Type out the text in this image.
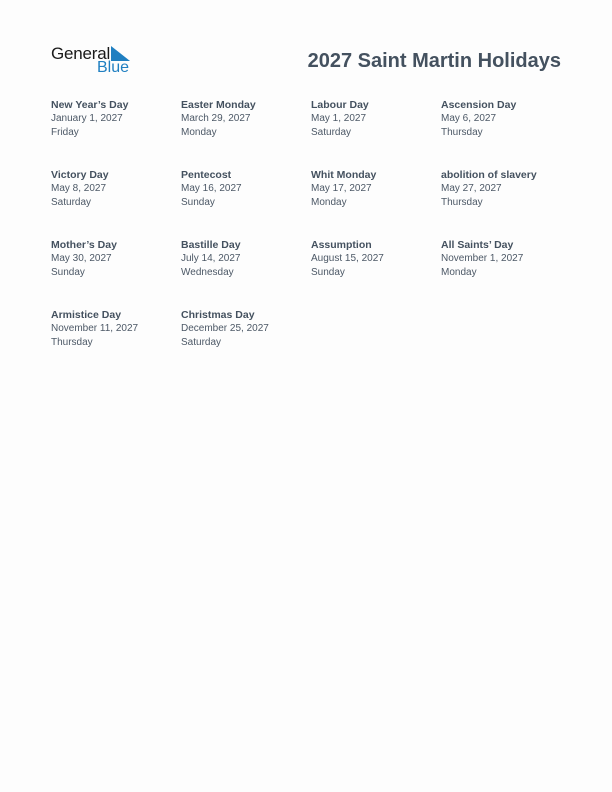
General
Blue	2027 Saint Martin Holidays
New Year’s Day
January 1, 2027
Friday
Easter Monday
March 29, 2027
Monday
Labour Day
May 1, 2027
Saturday
Ascension Day
May 6, 2027
Thursday
Victory Day
May 8, 2027
Saturday
Pentecost
May 16, 2027
Sunday
Whit Monday
May 17, 2027
Monday
abolition of slavery
May 27, 2027
Thursday
Mother’s Day
May 30, 2027
Sunday
Bastille Day
July 14, 2027
Wednesday
Assumption
August 15, 2027
Sunday
All Saints’ Day
November 1, 2027
Monday
Armistice Day
November 11, 2027
Thursday
Christmas Day
December 25, 2027
Saturday
